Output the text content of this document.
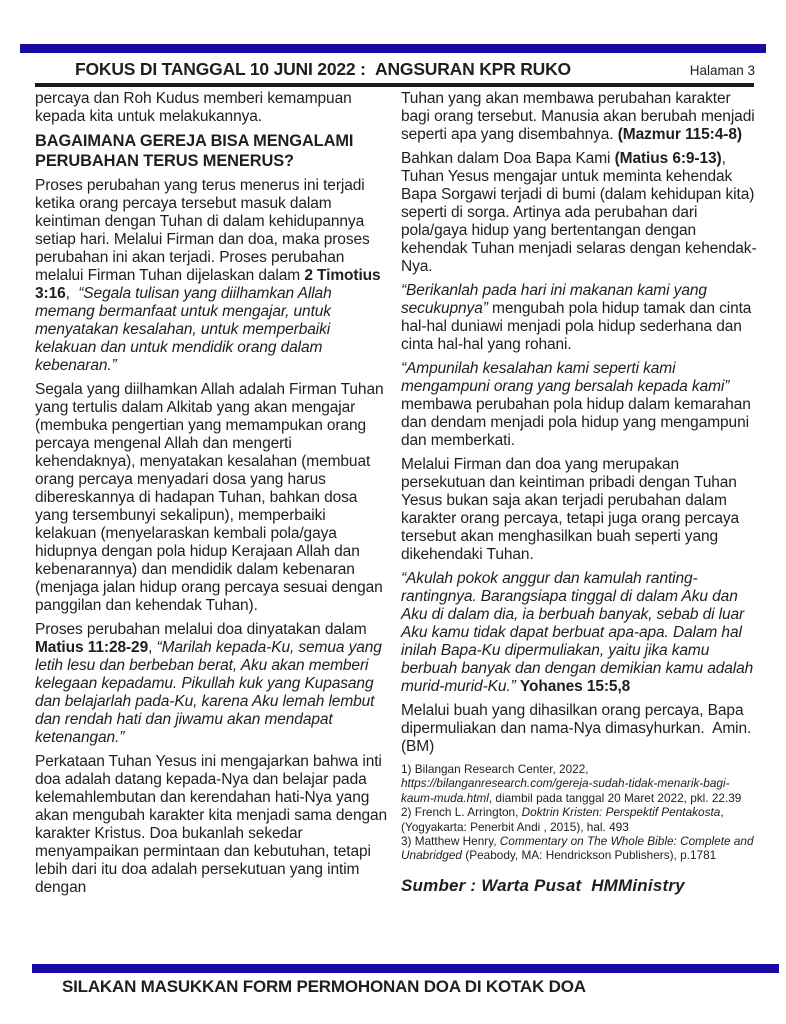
FOKUS DI TANGGAL 10 JUNI 2022 :  ANGSURAN KPR RUKO	Halaman 3

percaya dan Roh Kudus memberi kemampuan kepada kita untuk melakukannya.

BAGAIMANA GEREJA BISA MENGALAMI PERUBAHAN TERUS MENERUS?

Proses perubahan yang terus menerus ini terjadi ketika orang percaya tersebut masuk dalam keintiman dengan Tuhan di dalam kehidupannya setiap hari. Melalui Firman dan doa, maka proses perubahan ini akan terjadi. Proses perubahan melalui Firman Tuhan dijelaskan dalam 2 Timotius 3:16,  “Segala tulisan yang diilhamkan Allah memang bermanfaat untuk mengajar, untuk menyatakan kesalahan, untuk memperbaiki kelakuan dan untuk mendidik orang dalam kebenaran.”

Segala yang diilhamkan Allah adalah Firman Tuhan yang tertulis dalam Alkitab yang akan mengajar (membuka pengertian yang memampukan orang percaya mengenal Allah dan mengerti kehendaknya), menyatakan kesalahan (membuat orang percaya menyadari dosa yang harus dibereskannya di hadapan Tuhan, bahkan dosa yang tersembunyi sekalipun), memperbaiki kelakuan (menyelaraskan kembali pola/gaya hidupnya dengan pola hidup Kerajaan Allah dan kebenarannya) dan mendidik dalam kebenaran (menjaga jalan hidup orang percaya sesuai dengan panggilan dan kehendak Tuhan).

Proses perubahan melalui doa dinyatakan dalam Matius 11:28-29, “Marilah kepada-Ku, semua yang letih lesu dan berbeban berat, Aku akan memberi kelegaan kepadamu. Pikullah kuk yang Kupasang dan belajarlah pada-Ku, karena Aku lemah lembut dan rendah hati dan jiwamu akan mendapat ketenangan.”

Perkataan Tuhan Yesus ini mengajarkan bahwa inti doa adalah datang kepada-Nya dan belajar pada kelemahlembutan dan kerendahan hati-Nya yang akan mengubah karakter kita menjadi sama dengan karakter Kristus. Doa bukanlah sekedar menyampaikan permintaan dan kebutuhan, tetapi lebih dari itu doa adalah persekutuan yang intim dengan

Tuhan yang akan membawa perubahan karakter bagi orang tersebut. Manusia akan berubah menjadi seperti apa yang disembahnya. (Mazmur 115:4-8)

Bahkan dalam Doa Bapa Kami (Matius 6:9-13), Tuhan Yesus mengajar untuk meminta kehendak Bapa Sorgawi terjadi di bumi (dalam kehidupan kita) seperti di sorga. Artinya ada perubahan dari pola/gaya hidup yang bertentangan dengan kehendak Tuhan menjadi selaras dengan kehendak-Nya.

“Berikanlah pada hari ini makanan kami yang secukupnya” mengubah pola hidup tamak dan cinta hal-hal duniawi menjadi pola hidup sederhana dan cinta hal-hal yang rohani.

“Ampunilah kesalahan kami seperti kami mengampuni orang yang bersalah kepada kami” membawa perubahan pola hidup dalam kemarahan dan dendam menjadi pola hidup yang mengampuni dan memberkati.

Melalui Firman dan doa yang merupakan persekutuan dan keintiman pribadi dengan Tuhan Yesus bukan saja akan terjadi perubahan dalam karakter orang percaya, tetapi juga orang percaya tersebut akan menghasilkan buah seperti yang dikehendaki Tuhan.

“Akulah pokok anggur dan kamulah ranting-rantingnya. Barangsiapa tinggal di dalam Aku dan Aku di dalam dia, ia berbuah banyak, sebab di luar Aku kamu tidak dapat berbuat apa-apa. Dalam hal inilah Bapa-Ku dipermuliakan, yaitu jika kamu berbuah banyak dan dengan demikian kamu adalah murid-murid-Ku.” Yohanes 15:5,8

Melalui buah yang dihasilkan orang percaya, Bapa dipermuliakan dan nama-Nya dimasyhurkan.  Amin. (BM)

1) Bilangan Research Center, 2022, https://bilanganresearch.com/gereja-sudah-tidak-menarik-bagi-kaum-muda.html, diambil pada tanggal 20 Maret 2022, pkl. 22.39

2) French L. Arrington, Doktrin Kristen: Perspektif Pentakosta, (Yogyakarta: Penerbit Andi , 2015), hal. 493

3) Matthew Henry, Commentary on The Whole Bible: Complete and Unabridged (Peabody, MA: Hendrickson Publishers), p.1781

Sumber : Warta Pusat  HMMinistry

SILAKAN MASUKKAN FORM PERMOHONAN DOA DI KOTAK DOA
